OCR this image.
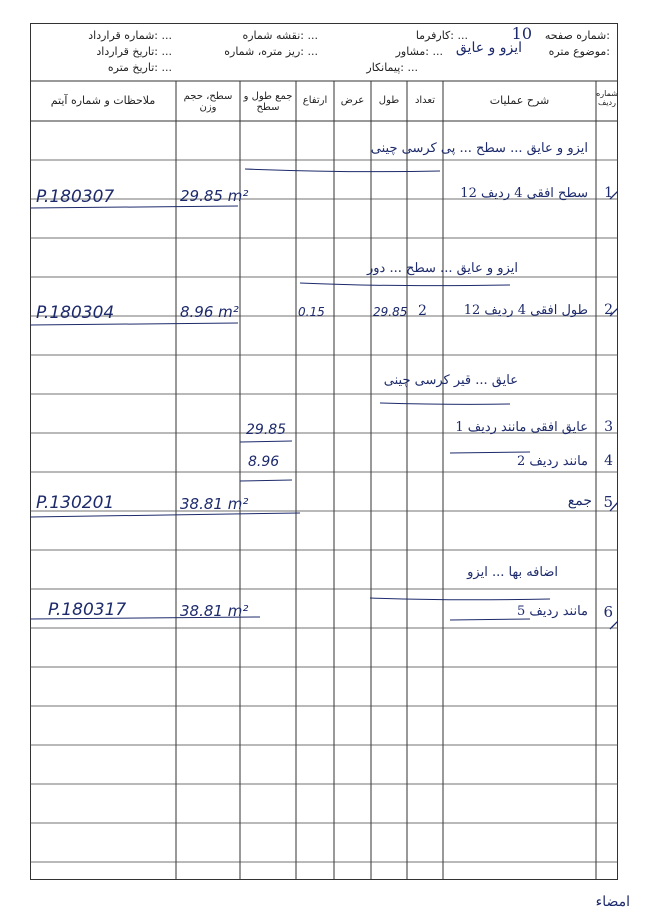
شماره صفحه:
10
موضوع متره:
ایزو و عایق
کارفرما: ...
مشاور: ...
پیمانکار: ...
نقشه شماره: ...
ریز متره، شماره: ...
شماره قرارداد: ...
تاریخ قرارداد: ...
تاریخ متره: ...
شماره ردیف
شرح عملیات
تعداد
طول
عرض
ارتفاع
جمع طول و سطح
سطح، حجم وزن
ملاحظات و شماره آیتم
ایزو و عایق ... سطح ... پی کرسی چینی
1
سطح افقی 4 ردیف 12
29.85 m²
P.180307
ایزو و عایق ... سطح ... دور
2
طول افقی 4 ردیف 12
2
29.85
0.15
8.96 m²
P.180304
عایق ... قیر کرسی چینی
3
عایق افقی مانند ردیف 1
29.85
4
مانند ردیف 2
8.96
5
جمع
38.81 m²
P.130201
اضافه بها ... ایزو
6
مانند ردیف 5
38.81 m²
P.180317
امضاء
